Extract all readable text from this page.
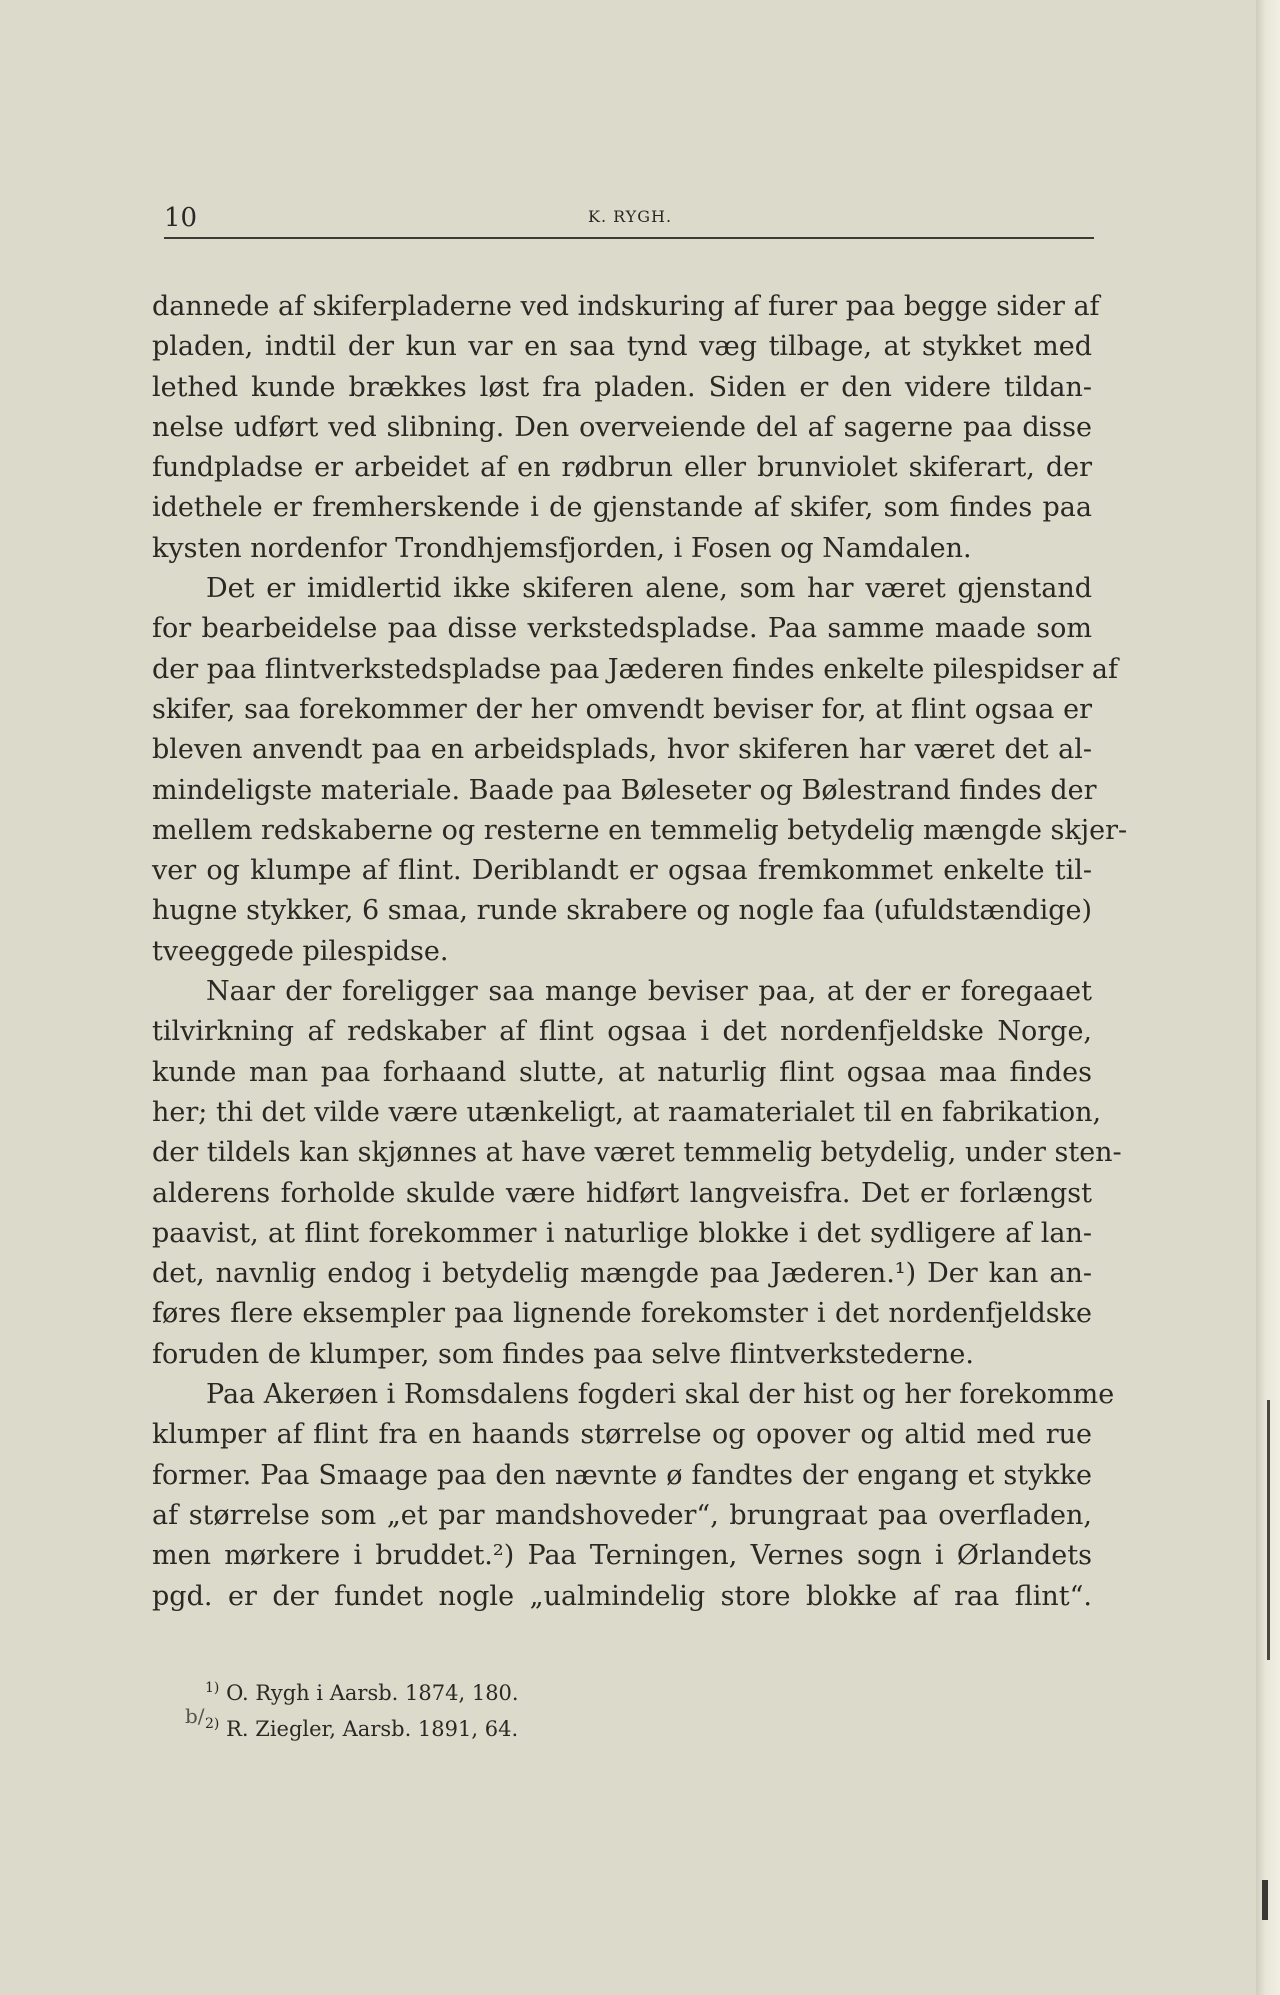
10	K. RYGH.
dannede af skiferpladerne ved indskuring af furer paa begge sider af
pladen, indtil der kun var en saa tynd væg tilbage, at stykket med
lethed kunde brækkes løst fra pladen. Siden er den videre tildan-
nelse udført ved slibning. Den overveiende del af sagerne paa disse
fundpladse er arbeidet af en rødbrun eller brunviolet skiferart, der
idethele er fremherskende i de gjenstande af skifer, som findes paa
kysten nordenfor Trondhjemsfjorden, i Fosen og Namdalen.
Det er imidlertid ikke skiferen alene, som har været gjenstand
for bearbeidelse paa disse verkstedspladse. Paa samme maade som
der paa flintverkstedspladse paa Jæderen findes enkelte pilespidser af
skifer, saa forekommer der her omvendt beviser for, at flint ogsaa er
bleven anvendt paa en arbeidsplads, hvor skiferen har været det al-
mindeligste materiale. Baade paa Bøleseter og Bølestrand findes der
mellem redskaberne og resterne en temmelig betydelig mængde skjer-
ver og klumpe af flint. Deriblandt er ogsaa fremkommet enkelte til-
hugne stykker, 6 smaa, runde skrabere og nogle faa (ufuldstændige)
tveeggede pilespidse.
Naar der foreligger saa mange beviser paa, at der er foregaaet
tilvirkning af redskaber af flint ogsaa i det nordenfjeldske Norge,
kunde man paa forhaand slutte, at naturlig flint ogsaa maa findes
her; thi det vilde være utænkeligt, at raamaterialet til en fabrikation,
der tildels kan skjønnes at have været temmelig betydelig, under sten-
alderens forholde skulde være hidført langveisfra. Det er forlængst
paavist, at flint forekommer i naturlige blokke i det sydligere af lan-
det, navnlig endog i betydelig mængde paa Jæderen.¹) Der kan an-
føres flere eksempler paa lignende forekomster i det nordenfjeldske
foruden de klumper, som findes paa selve flintverkstederne.
Paa Akerøen i Romsdalens fogderi skal der hist og her forekomme
klumper af flint fra en haands størrelse og opover og altid med rue
former. Paa Smaage paa den nævnte ø fandtes der engang et stykke
af størrelse som „et par mandshoveder“, brungraat paa overfladen,
men mørkere i bruddet.²) Paa Terningen, Vernes sogn i Ørlandets
pgd. er der fundet nogle „ualmindelig store blokke af raa flint“.
b/
$^{1)}$ O. Rygh i Aarsb. 1874, 180.
$^{2)}$ R. Ziegler, Aarsb. 1891, 64.
